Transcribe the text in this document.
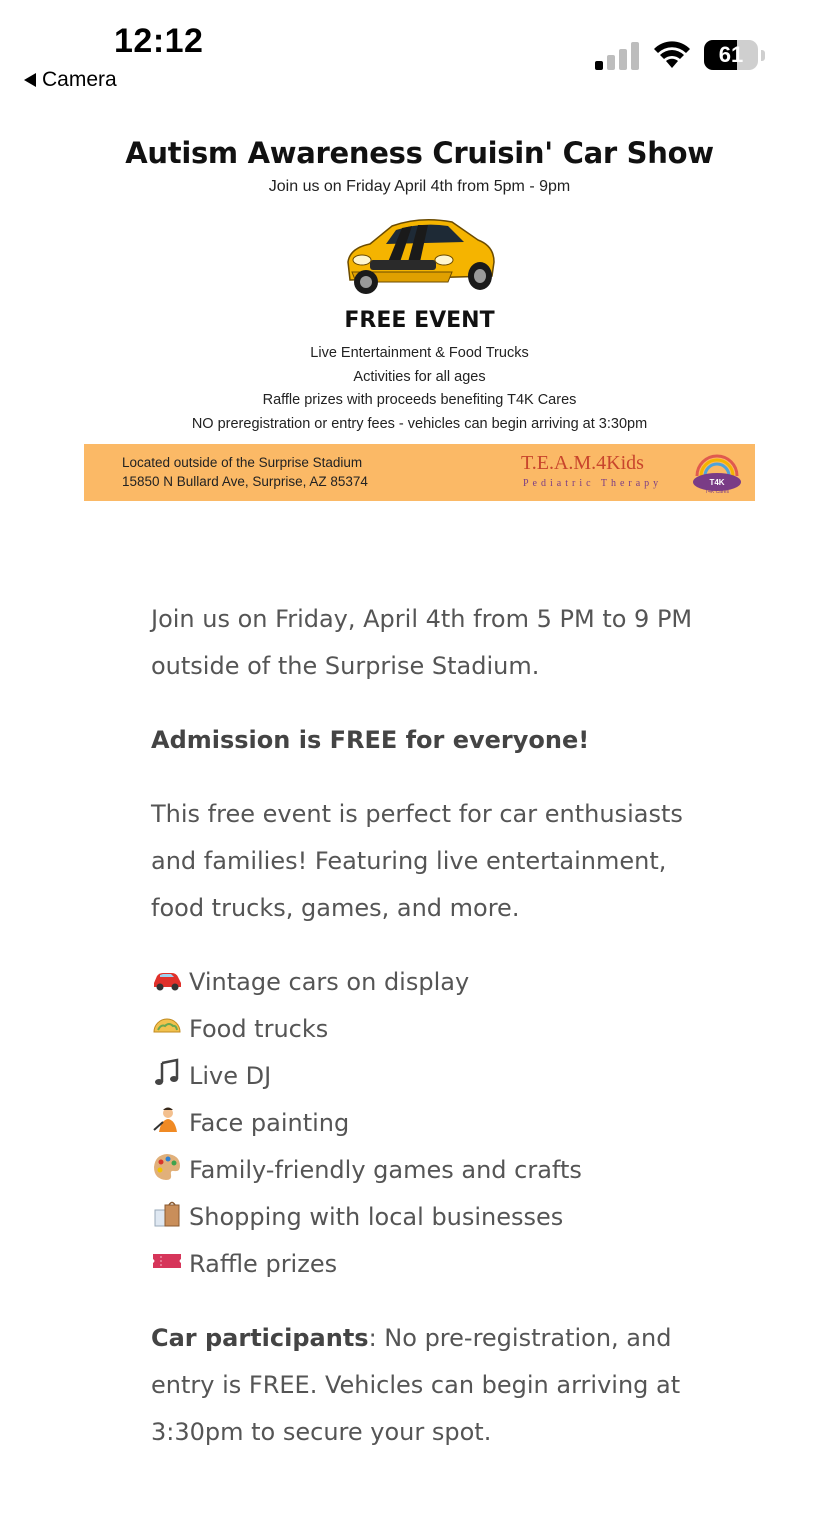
12:12
Camera
61
Autism Awareness Cruisin' Car Show
Join us on Friday April 4th from 5pm - 9pm
FREE EVENT
Live Entertainment & Food Trucks
Activities for all ages
Raffle prizes with proceeds benefiting T4K Cares
NO preregistration or entry fees - vehicles can begin arriving at 3:30pm
Located outside of the Surprise Stadium
15850 N Bullard Ave, Surprise, AZ 85374
T.E.A.M.4Kids
Pediatric Therapy	T4K
T4K Cares

Join us on Friday, April 4th from 5 PM to 9 PM outside of the Surprise Stadium.

Admission is FREE for everyone!

This free event is perfect for car enthusiasts and families! Featuring live entertainment, food trucks, games, and more.

Vintage cars on display
Food trucks
Live DJ
Face painting
Family-friendly games and crafts
Shopping with local businesses
Raffle prizes

Car participants: No pre-registration, and entry is FREE. Vehicles can begin arriving at 3:30pm to secure your spot.
